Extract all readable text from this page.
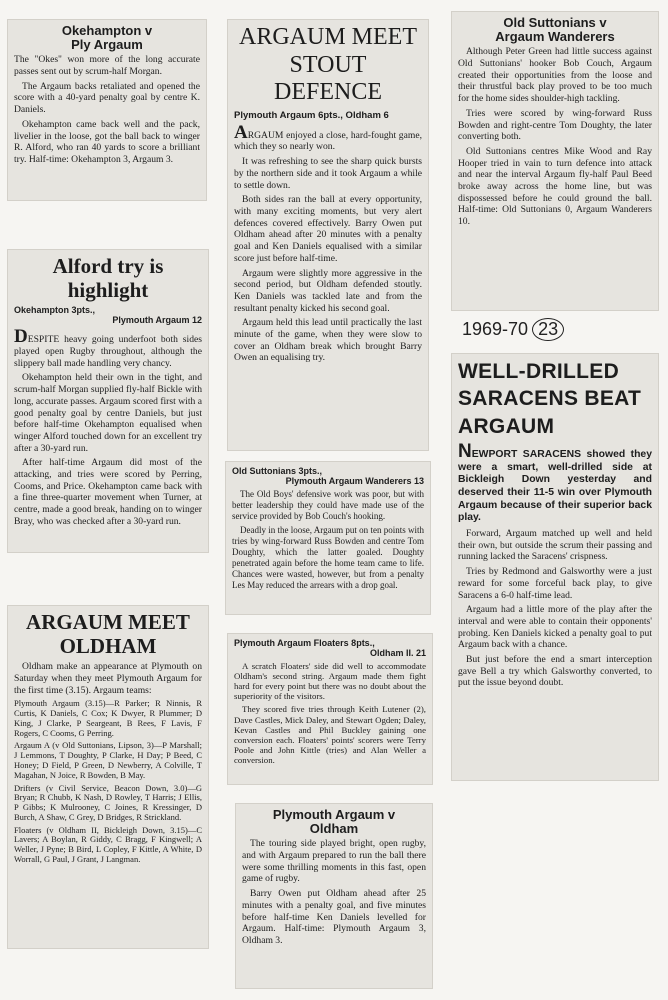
Okehampton v
Ply Argaum

The "Okes" won more of the long accurate passes sent out by scrum-half Morgan.

The Argaum backs retaliated and opened the score with a 40-yard penalty goal by centre K. Daniels.

Okehampton came back well and the pack, livelier in the loose, got the ball back to winger R. Alford, who ran 40 yards to score a brilliant try. Half-time: Okehampton 3, Argaum 3.

ARGAUM MEET STOUT DEFENCE
Plymouth Argaum 6pts., Oldham 6

ARGAUM enjoyed a close, hard-fought game, which they so nearly won.

It was refreshing to see the sharp quick bursts by the northern side and it took Argaum a while to settle down.

Both sides ran the ball at every opportunity, with many exciting moments, but very alert defences covered effectively. Barry Owen put Oldham ahead after 20 minutes with a penalty goal and Ken Daniels equalised with a similar score just before half-time.

Argaum were slightly more aggressive in the second period, but Oldham defended stoutly. Ken Daniels was tackled late and from the resultant penalty kicked his second goal.

Argaum held this lead until practically the last minute of the game, when they were slow to cover an Oldham break which brought Barry Owen an equalising try.

Old Suttonians v
Argaum Wanderers

Although Peter Green had little success against Old Suttonians' hooker Bob Couch, Argaum created their opportunities from the loose and their thrustful back play proved to be too much for the home sides shoulder-high tackling.

Tries were scored by wing-forward Russ Bowden and right-centre Tom Doughty, the later converting both.

Old Suttonians centres Mike Wood and Ray Hooper tried in vain to turn defence into attack and near the interval Argaum fly-half Paul Beed broke away across the home line, but was dispossessed before he could ground the ball. Half-time: Old Suttonians 0, Argaum Wanderers 10.

1969-70 23
Alford try is highlight
Okehampton 3pts.,

Plymouth Argaum 12

DESPITE heavy going underfoot both sides played open Rugby throughout, although the slippery ball made handling very chancy.

Okehampton held their own in the tight, and scrum-half Morgan supplied fly-half Bickle with long, accurate passes. Argaum scored first with a good penalty goal by centre Daniels, but just before half-time Okehampton equalised when winger Alford touched down for an excellent try after a 30-yard run.

After half-time Argaum did most of the attacking, and tries were scored by Perring, Cooms, and Price. Okehampton came back with a fine three-quarter movement when Turner, at centre, made a good break, handing on to winger Bray, who was checked after a 30-yard run.

Old Suttonians 3pts.,

Plymouth Argaum Wanderers 13

The Old Boys' defensive work was poor, but with better leadership they could have made use of the service provided by Bob Couch's hooking.

Deadly in the loose, Argaum put on ten points with tries by wing-forward Russ Bowden and centre Tom Doughty, which the latter goaled. Doughty penetrated again before the home team came to life. Chances were wasted, however, but from a penalty Les May reduced the arrears with a drop goal.

WELL-DRILLED SARACENS BEAT ARGAUM

NEWPORT SARACENS showed they were a smart, well-drilled side at Bickleigh Down yesterday and deserved their 11-5 win over Plymouth Argaum because of their superior back play.

Forward, Argaum matched up well and held their own, but outside the scrum their passing and running lacked the Saracens' crispness.

Tries by Redmond and Galsworthy were a just reward for some forceful back play, to give Saracens a 6-0 half-time lead.

Argaum had a little more of the play after the interval and were able to contain their opponents' probing. Ken Daniels kicked a penalty goal to put Argaum back with a chance.

But just before the end a smart interception gave Bell a try which Galsworthy converted, to put the issue beyond doubt.

ARGAUM MEET OLDHAM

Oldham make an appearance at Plymouth on Saturday when they meet Plymouth Argaum for the first time (3.15). Argaum teams:

Plymouth Argaum (3.15)—R Parker; R Ninnis, R Curtis, K Daniels, C Cox; K Dwyer, R Plummer; D King, J Clarke, P Seargeant, B Rees, F Lavis, F Rogers, C Cooms, G Perring.

Argaum A (v Old Suttonians, Lipson, 3)—P Marshall; J Lemmons, T Doughty, P Clarke, H Day; P Beed, C Honey; D Field, P Green, D Newberry, A Colville, T Magahan, N Joice, R Bowden, B May.

Drifters (v Civil Service, Beacon Down, 3.0)—G Bryan; R Chubb, K Nash, D Rowley, T Harris; J Ellis, P Gibbs; K Mulrooney, C Joines, R Kressinger, D Burch, A Shaw, C Grey, D Bridges, R Strickland.

Floaters (v Oldham II, Bickleigh Down, 3.15)—C Lavers; A Boylan, R Giddy, C Bragg, F Kingwell; A Weller, J Pyne; B Bird, L Copley, F Kittle, A White, D Worrall, G Paul, J Grant, J Langman.

Plymouth Argaum Floaters 8pts.,

Oldham II. 21

A scratch Floaters' side did well to accommodate Oldham's second string. Argaum made them fight hard for every point but there was no doubt about the superiority of the visitors.

They scored five tries through Keith Lutener (2), Dave Castles, Mick Daley, and Stewart Ogden; Daley, Kevan Castles and Phil Buckley gaining one conversion each. Floaters' points' scorers were Terry Poole and John Kittle (tries) and Alan Weller a conversion.

Plymouth Argaum v
Oldham

The touring side played bright, open rugby, and with Argaum prepared to run the ball there were some thrilling moments in this fast, open game of rugby.

Barry Owen put Oldham ahead after 25 minutes with a penalty goal, and five minutes before half-time Ken Daniels levelled for Argaum. Half-time: Plymouth Argaum 3, Oldham 3.
